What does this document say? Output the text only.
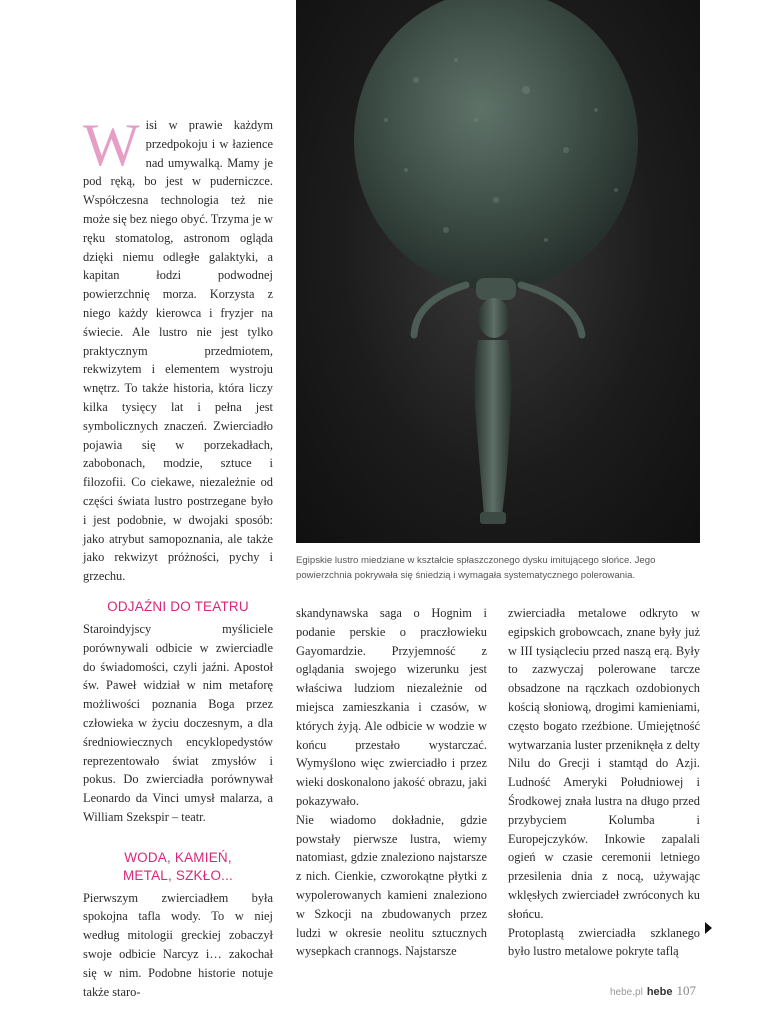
Egipskie lustro miedziane w kształcie spłaszczonego dysku imitującego słońce. Jego powierzchnia pokrywała się śniedzią i wymagała systematycznego polerowania.

Wisi w prawie każdym przedpokoju i w łazience nad umywalką. Mamy je pod ręką, bo jest w puderniczce. Współczesna technologia też nie może się bez niego obyć. Trzyma je w ręku stomatolog, astronom ogląda dzięki niemu odległe galaktyki, a kapitan łodzi podwodnej powierzchnię morza. Korzysta z niego każdy kierowca i fryzjer na świecie. Ale lustro nie jest tylko praktycznym przedmiotem, rekwizytem i elementem wystroju wnętrz. To także historia, która liczy kilka tysięcy lat i pełna jest symbolicznych znaczeń. Zwierciadło pojawia się w porzekadłach, zabobonach, modzie, sztuce i filozofii. Co ciekawe, niezależnie od części świata lustro postrzegane było i jest podobnie, w dwojaki sposób: jako atrybut samopoznania, ale także jako rekwizyt próżności, pychy i grzechu.

ODJAŹNI DO TEATRU

Staroindyjscy myśliciele porównywali odbicie w zwierciadle do świadomości, czyli jaźni. Apostoł św. Paweł widział w nim metaforę możliwości poznania Boga przez człowieka w życiu doczesnym, a dla średniowiecznych encyklopedystów reprezentowało świat zmysłów i pokus. Do zwierciadła porównywał Leonardo da Vinci umysł malarza, a William Szekspir – teatr.

WODA, KAMIEŃ, METAL, SZKŁO...

Pierwszym zwierciadłem była spokojna tafla wody. To w niej według mitologii greckiej zobaczył swoje odbicie Narcyz i… zakochał się w nim. Podobne historie notuje także staro-

skandynawska saga o Hognim i podanie perskie o praczłowieku Gayomardzie. Przyjemność z oglądania swojego wizerunku jest właściwa ludziom niezależnie od miejsca zamieszkania i czasów, w których żyją. Ale odbicie w wodzie w końcu przestało wystarczać. Wymyślono więc zwierciadło i przez wieki doskonalono jakość obrazu, jaki pokazywało.

Nie wiadomo dokładnie, gdzie powstały pierwsze lustra, wiemy natomiast, gdzie znaleziono najstarsze z nich. Cienkie, czworokątne płytki z wypolerowanych kamieni znaleziono w Szkocji na zbudowanych przez ludzi w okresie neolitu sztucznych wysepkach crannogs. Najstarsze

zwierciadła metalowe odkryto w egipskich grobowcach, znane były już w III tysiącleciu przed naszą erą. Były to zazwyczaj polerowane tarcze obsadzone na rączkach ozdobionych kością słoniową, drogimi kamieniami, często bogato rzeźbione. Umiejętność wytwarzania luster przeniknęła z delty Nilu do Grecji i stamtąd do Azji. Ludność Ameryki Południowej i Środkowej znała lustra na długo przed przybyciem Kolumba i Europejczyków. Inkowie zapalali ogień w czasie ceremonii letniego przesilenia dnia z nocą, używając wklęsłych zwierciadeł zwróconych ku słońcu.

Protoplastą zwierciadła szklanego było lustro metalowe pokryte taflą

hebe.pl hebe 107
